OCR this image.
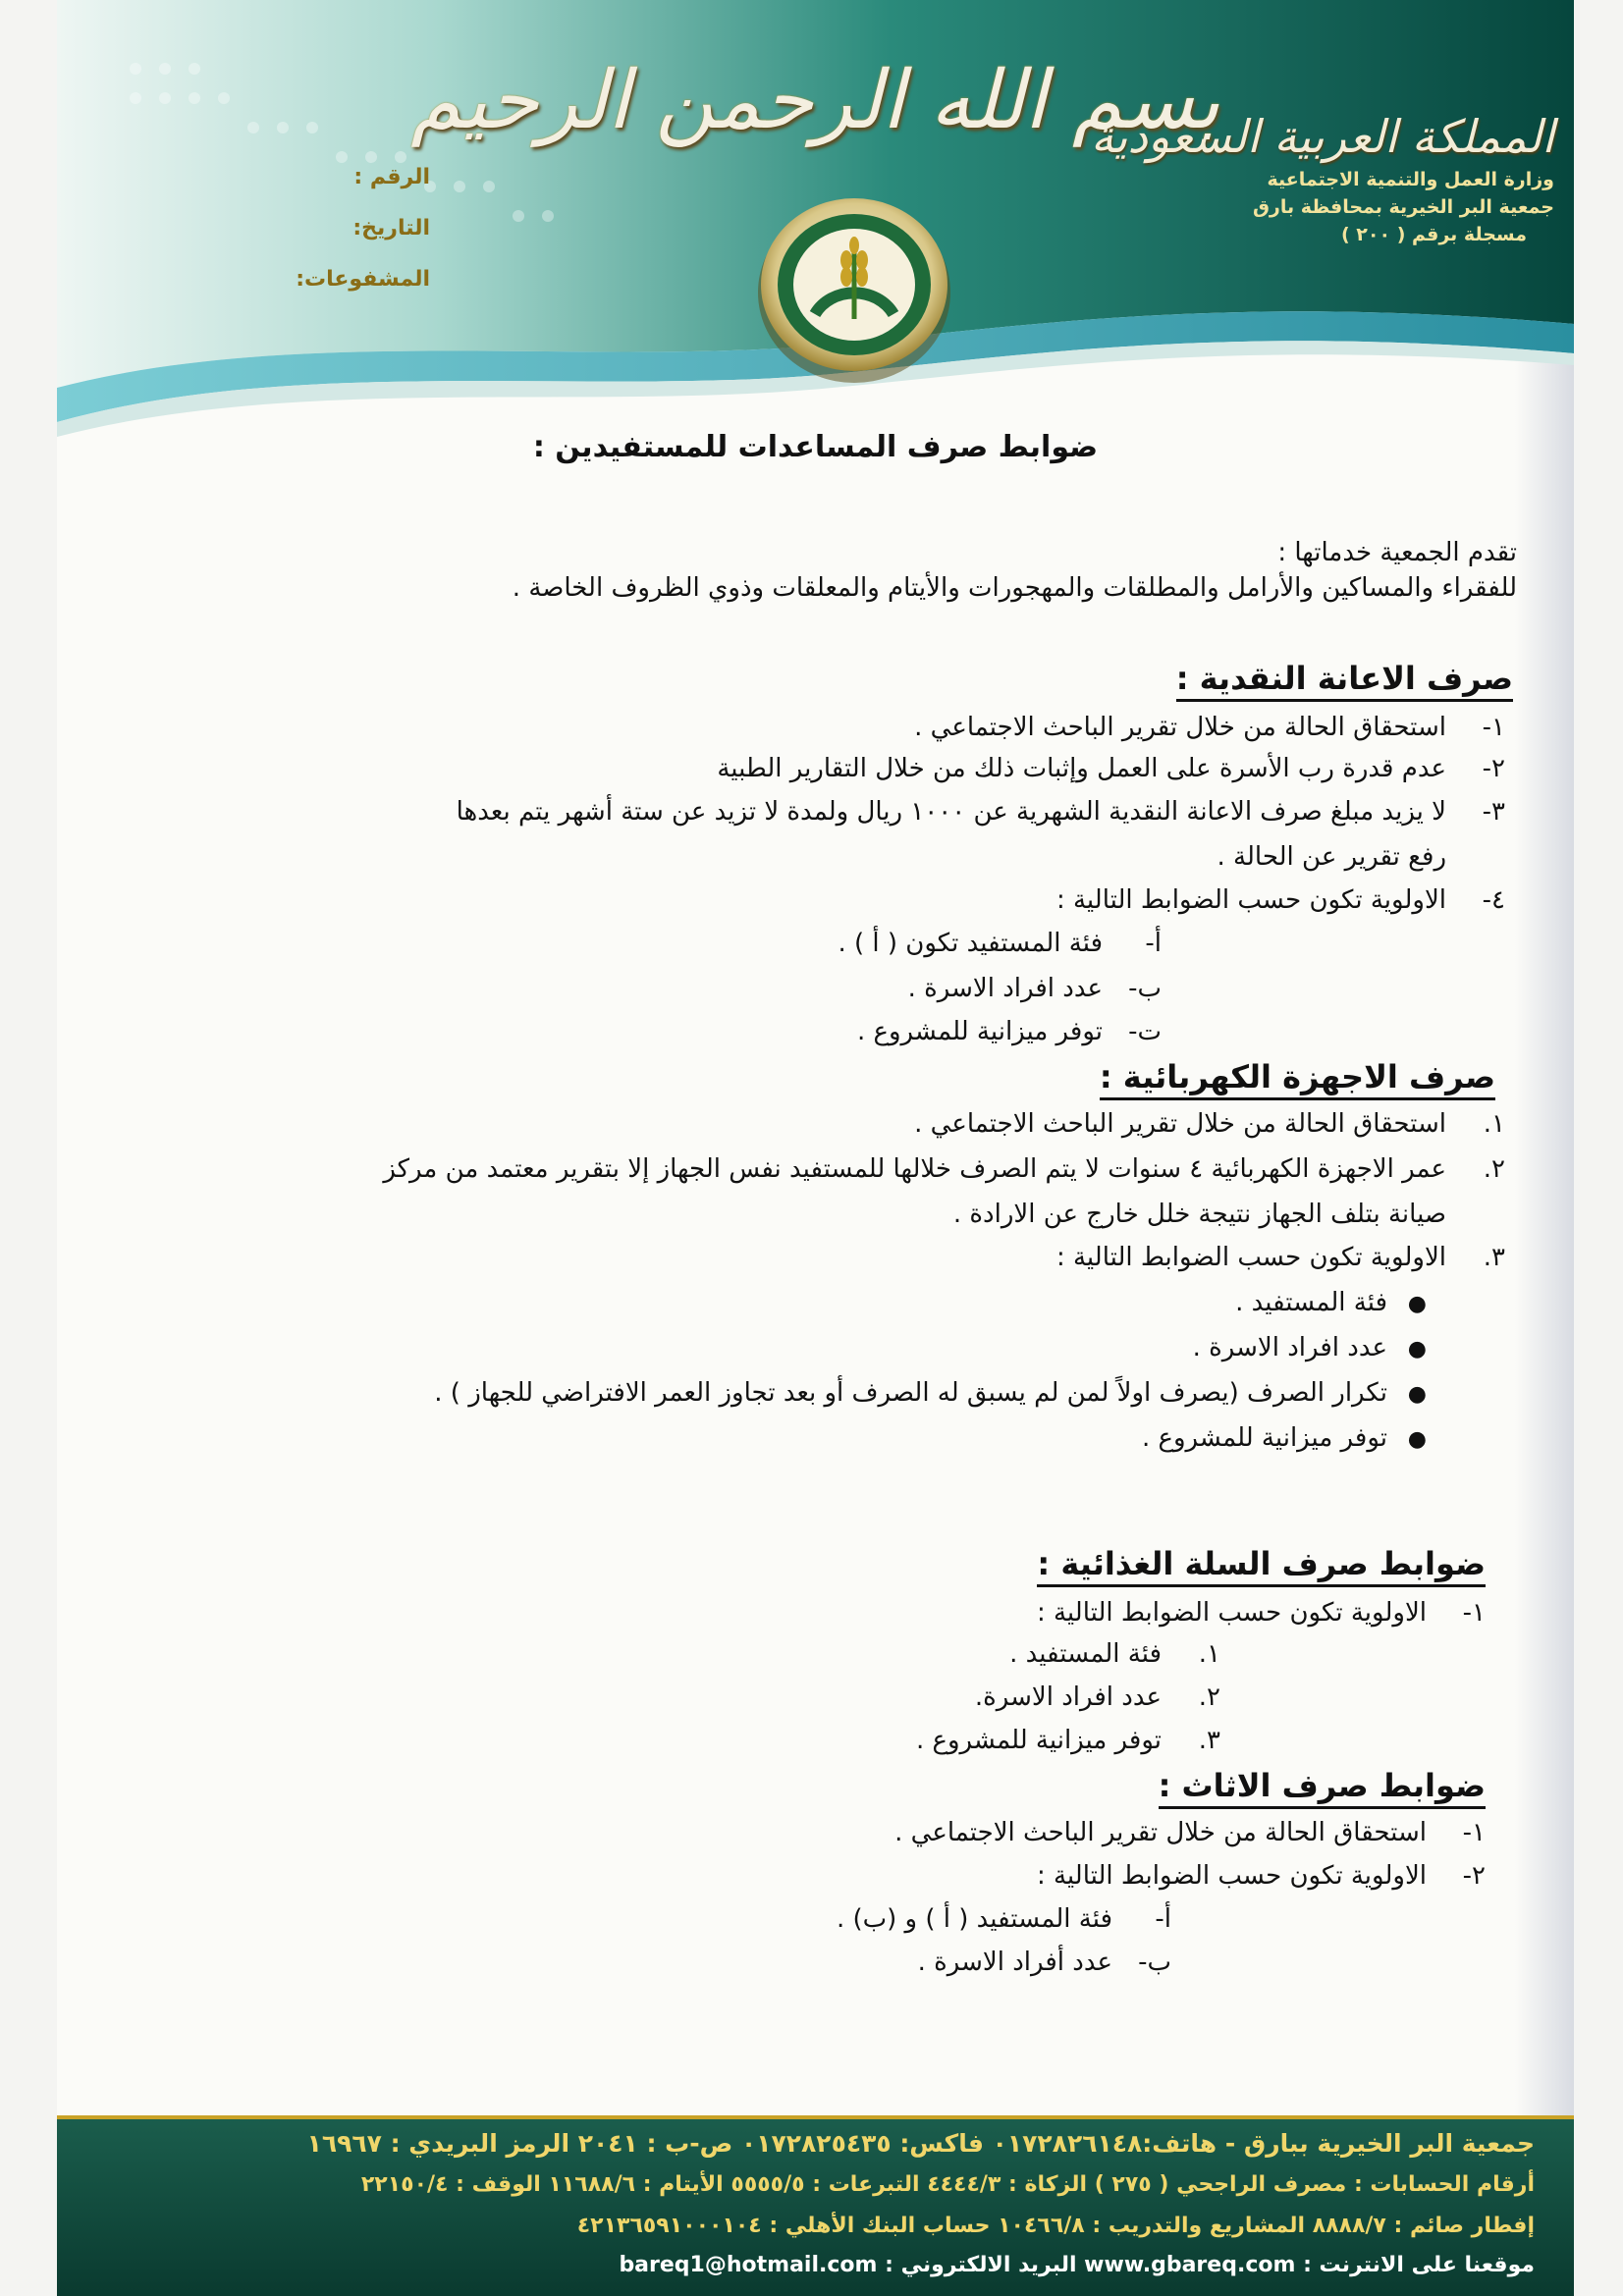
بسم الله الرحمن الرحيم
المملكة العربية السعودية
وزارة العمل والتنمية الاجتماعية
جمعية البر الخيرية بمحافظة بارق
مسجلة برقم ( ٢٠٠ )
الرقم :
التاريخ:
المشفوعات:
ضوابط صرف المساعدات للمستفيدين :
تقدم الجمعية خدماتها :
للفقراء والمساكين والأرامل والمطلقات والمهجورات والأيتام والمعلقات وذوي الظروف الخاصة .
صرف الاعانة النقدية :
١-استحقاق الحالة من خلال تقرير الباحث الاجتماعي .
٢-عدم قدرة رب الأسرة على العمل وإثبات ذلك من خلال التقارير الطبية
٣-لا يزيد مبلغ صرف الاعانة النقدية الشهرية عن ١٠٠٠ ريال ولمدة لا تزيد عن ستة أشهر يتم بعدها
رفع تقرير عن الحالة .
٤-الاولوية تكون حسب الضوابط التالية :
أ-فئة المستفيد تكون ( أ ) .
ب-عدد افراد الاسرة .
ت-توفر ميزانية للمشروع .
صرف الاجهزة الكهربائية :
١.استحقاق الحالة من خلال تقرير الباحث الاجتماعي .
٢.عمر الاجهزة الكهربائية ٤ سنوات لا يتم الصرف خلالها للمستفيد نفس الجهاز إلا بتقرير معتمد من مركز
صيانة بتلف الجهاز نتيجة خلل خارج عن الارادة .
٣.الاولوية تكون حسب الضوابط التالية :
●فئة المستفيد .
●عدد افراد الاسرة .
●تكرار الصرف (يصرف اولاً لمن لم يسبق له الصرف أو بعد تجاوز العمر الافتراضي للجهاز ) .
●توفر ميزانية للمشروع .
ضوابط صرف السلة الغذائية :
١-الاولوية تكون حسب الضوابط التالية :
١.فئة المستفيد .
٢.عدد افراد الاسرة.
٣.توفر ميزانية للمشروع .
ضوابط صرف الاثاث :
١-استحقاق الحالة من خلال تقرير الباحث الاجتماعي .
٢-الاولوية تكون حسب الضوابط التالية :
أ-فئة المستفيد ( أ ) و (ب) .
ب-عدد أفراد الاسرة .
جمعية البر الخيرية ببارق - هاتف:٠١٧٢٨٢٦١٤٨ فاكس: ٠١٧٢٨٢٥٤٣٥ ص-ب : ٢٠٤١ الرمز البريدي : ١٦٩٦٧
أرقام الحسابات : مصرف الراجحي ( ٢٧٥ ) الزكاة : ٤٤٤٤/٣ التبرعات : ٥٥٥٥/٥ الأيتام : ١١٦٨٨/٦ الوقف : ٢٢١٥٠/٤
إفطار صائم : ٨٨٨٨/٧ المشاريع والتدريب : ١٠٤٦٦/٨ حساب البنك الأهلي : ٤٢١٣٦٥٩١٠٠٠١٠٤
موقعنا على الانترنت : www.gbareq.com البريد الالكتروني : bareq1@hotmail.com
